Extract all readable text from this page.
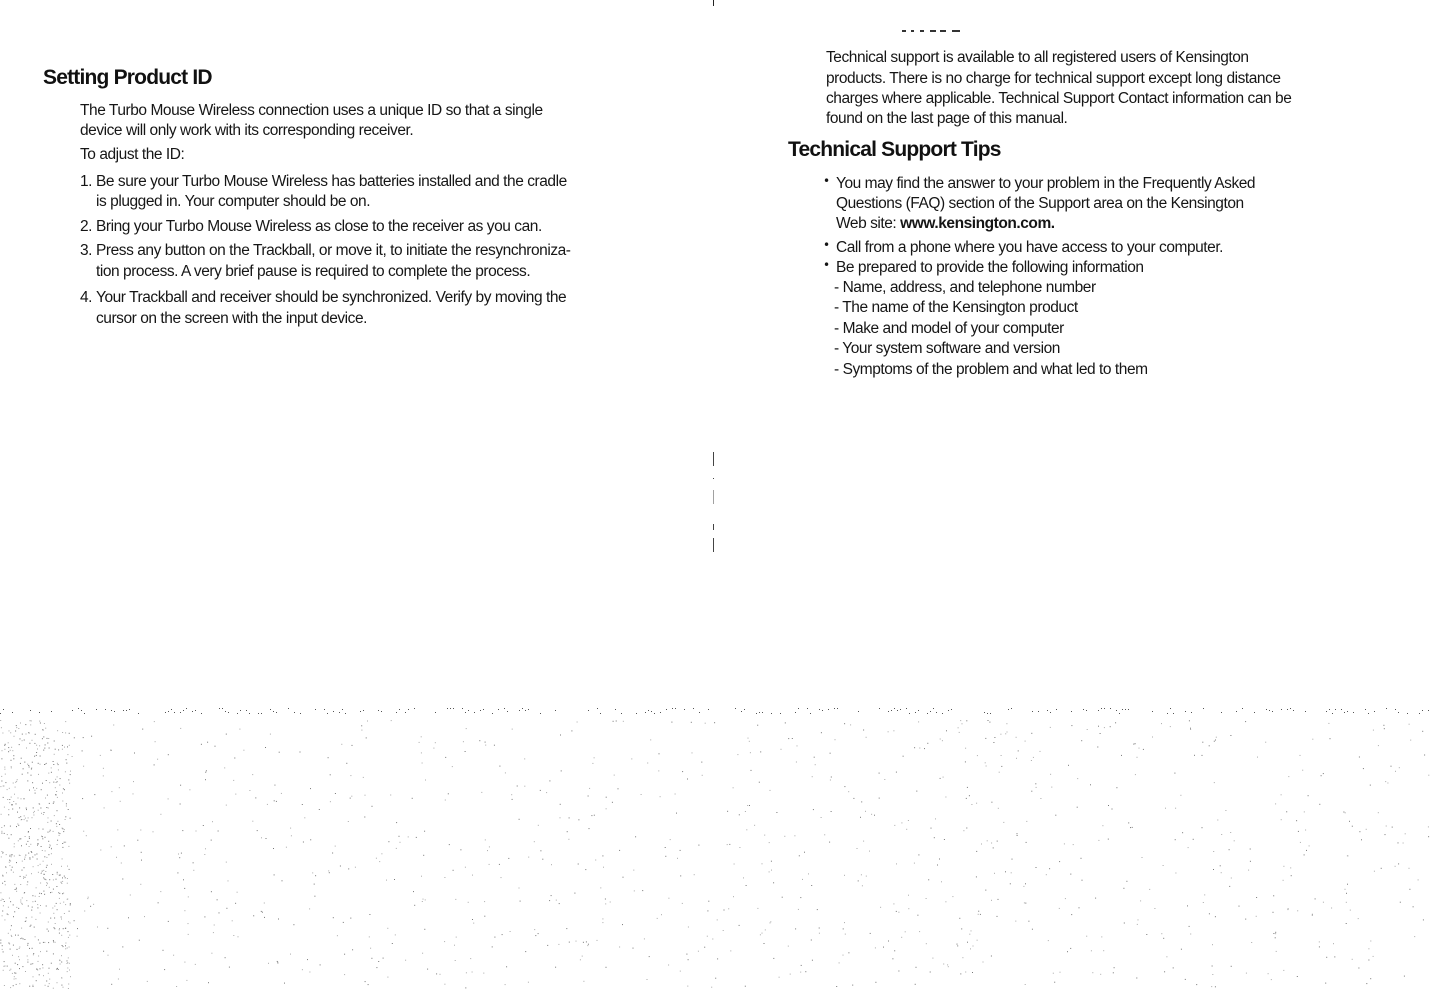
Setting Product ID

The Turbo Mouse Wireless connection uses a unique ID so that a single

device will only work with its corresponding receiver.

To adjust the ID:

1. Be sure your Turbo Mouse Wireless has batteries installed and the cradle

is plugged in. Your computer should be on.

2. Bring your Turbo Mouse Wireless as close to the receiver as you can.

3. Press any button on the Trackball, or move it, to initiate the resynchroniza-

tion process. A very brief pause is required to complete the process.

4. Your Trackball and receiver should be synchronized. Verify by moving the

cursor on the screen with the input device.

Technical support is available to all registered users of Kensington

products. There is no charge for technical support except long distance

charges where applicable. Technical Support Contact information can be

found on the last page of this manual.

Technical Support Tips
• You may find the answer to your problem in the Frequently Asked

Questions (FAQ) section of the Support area on the Kensington

Web site: www.kensington.com.

• Call from a phone where you have access to your computer.

• Be prepared to provide the following information

- Name, address, and telephone number

- The name of the Kensington product

- Make and model of your computer

- Your system software and version

- Symptoms of the problem and what led to them
